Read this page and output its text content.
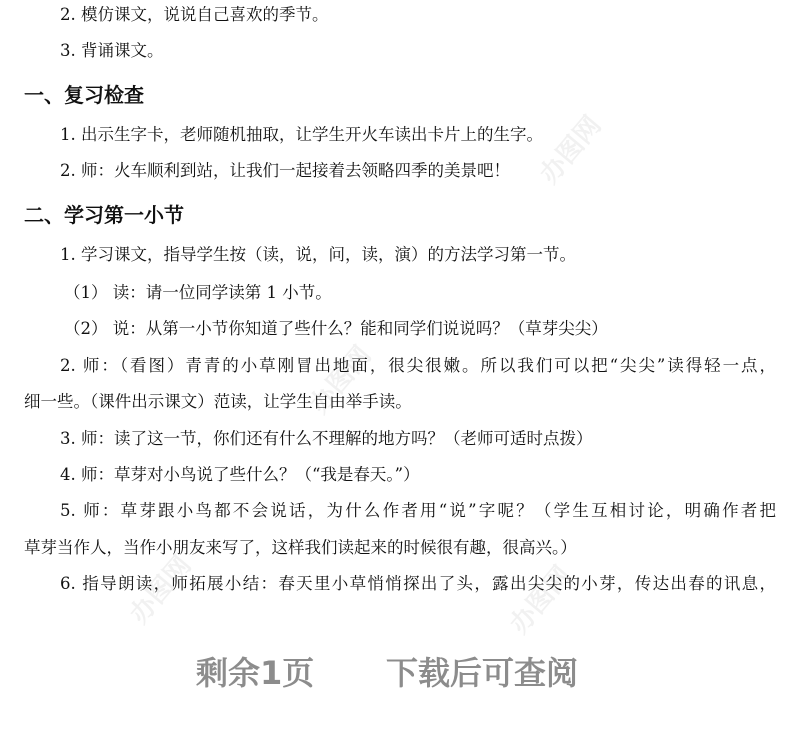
办图网
办图网
办图网
办图网
2. 模仿课文，说说自己喜欢的季节。
3. 背诵课文。
一、复习检查
1. 出示生字卡，老师随机抽取，让学生开火车读出卡片上的生字。
2. 师：火车顺利到站，让我们一起接着去领略四季的美景吧！
二、学习第一小节
1. 学习课文，指导学生按（读，说，问，读，演）的方法学习第一节。
（1） 读：请一位同学读第 1 小节。
（2） 说：从第一小节你知道了些什么？能和同学们说说吗？（草芽尖尖）
2. 师：（看图）青青的小草刚冒出地面，很尖很嫩。所以我们可以把“尖尖”读得轻一点，
细一些。（课件出示课文）范读，让学生自由举手读。
3. 师：读了这一节，你们还有什么不理解的地方吗？（老师可适时点拨）
4. 师：草芽对小鸟说了些什么？（“我是春天。”）
5. 师：草芽跟小鸟都不会说话，为什么作者用“说”字呢？（学生互相讨论，明确作者把
草芽当作人，当作小朋友来写了，这样我们读起来的时候很有趣，很高兴。）
6. 指导朗读，师拓展小结：春天里小草悄悄探出了头，露出尖尖的小芽，传达出春的讯息，
剩余1页 下载后可查阅
